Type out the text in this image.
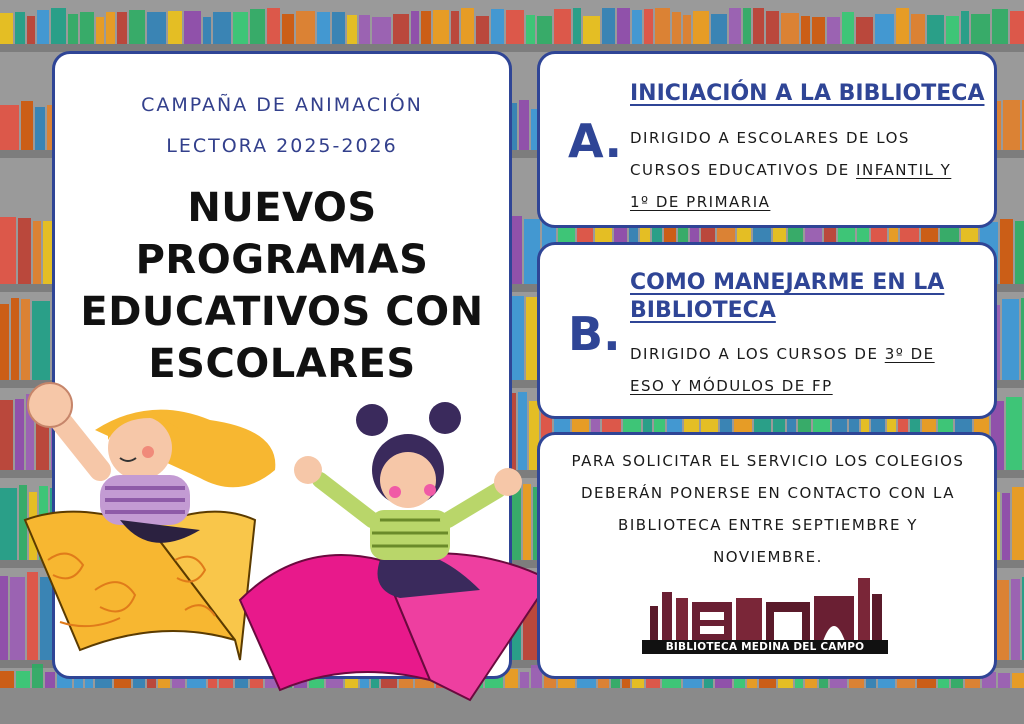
CAMPAÑA DE ANIMACIÓN
LECTORA 2025-2026
NUEVOS
PROGRAMAS
EDUCATIVOS CON
ESCOLARES
A.
INICIACIÓN A LA BIBLIOTECA
DIRIGIDO A ESCOLARES DE LOS
CURSOS EDUCATIVOS DE INFANTIL Y
1º DE PRIMARIA
B.
COMO MANEJARME EN LA
BIBLIOTECA
DIRIGIDO A LOS CURSOS DE 3º DE
ESO Y MÓDULOS DE FP
PARA SOLICITAR EL SERVICIO LOS COLEGIOS
DEBERÁN PONERSE EN CONTACTO CON LA
BIBLIOTECA ENTRE SEPTIEMBRE Y
NOVIEMBRE.
BIBLIOTECA MEDINA DEL CAMPO
